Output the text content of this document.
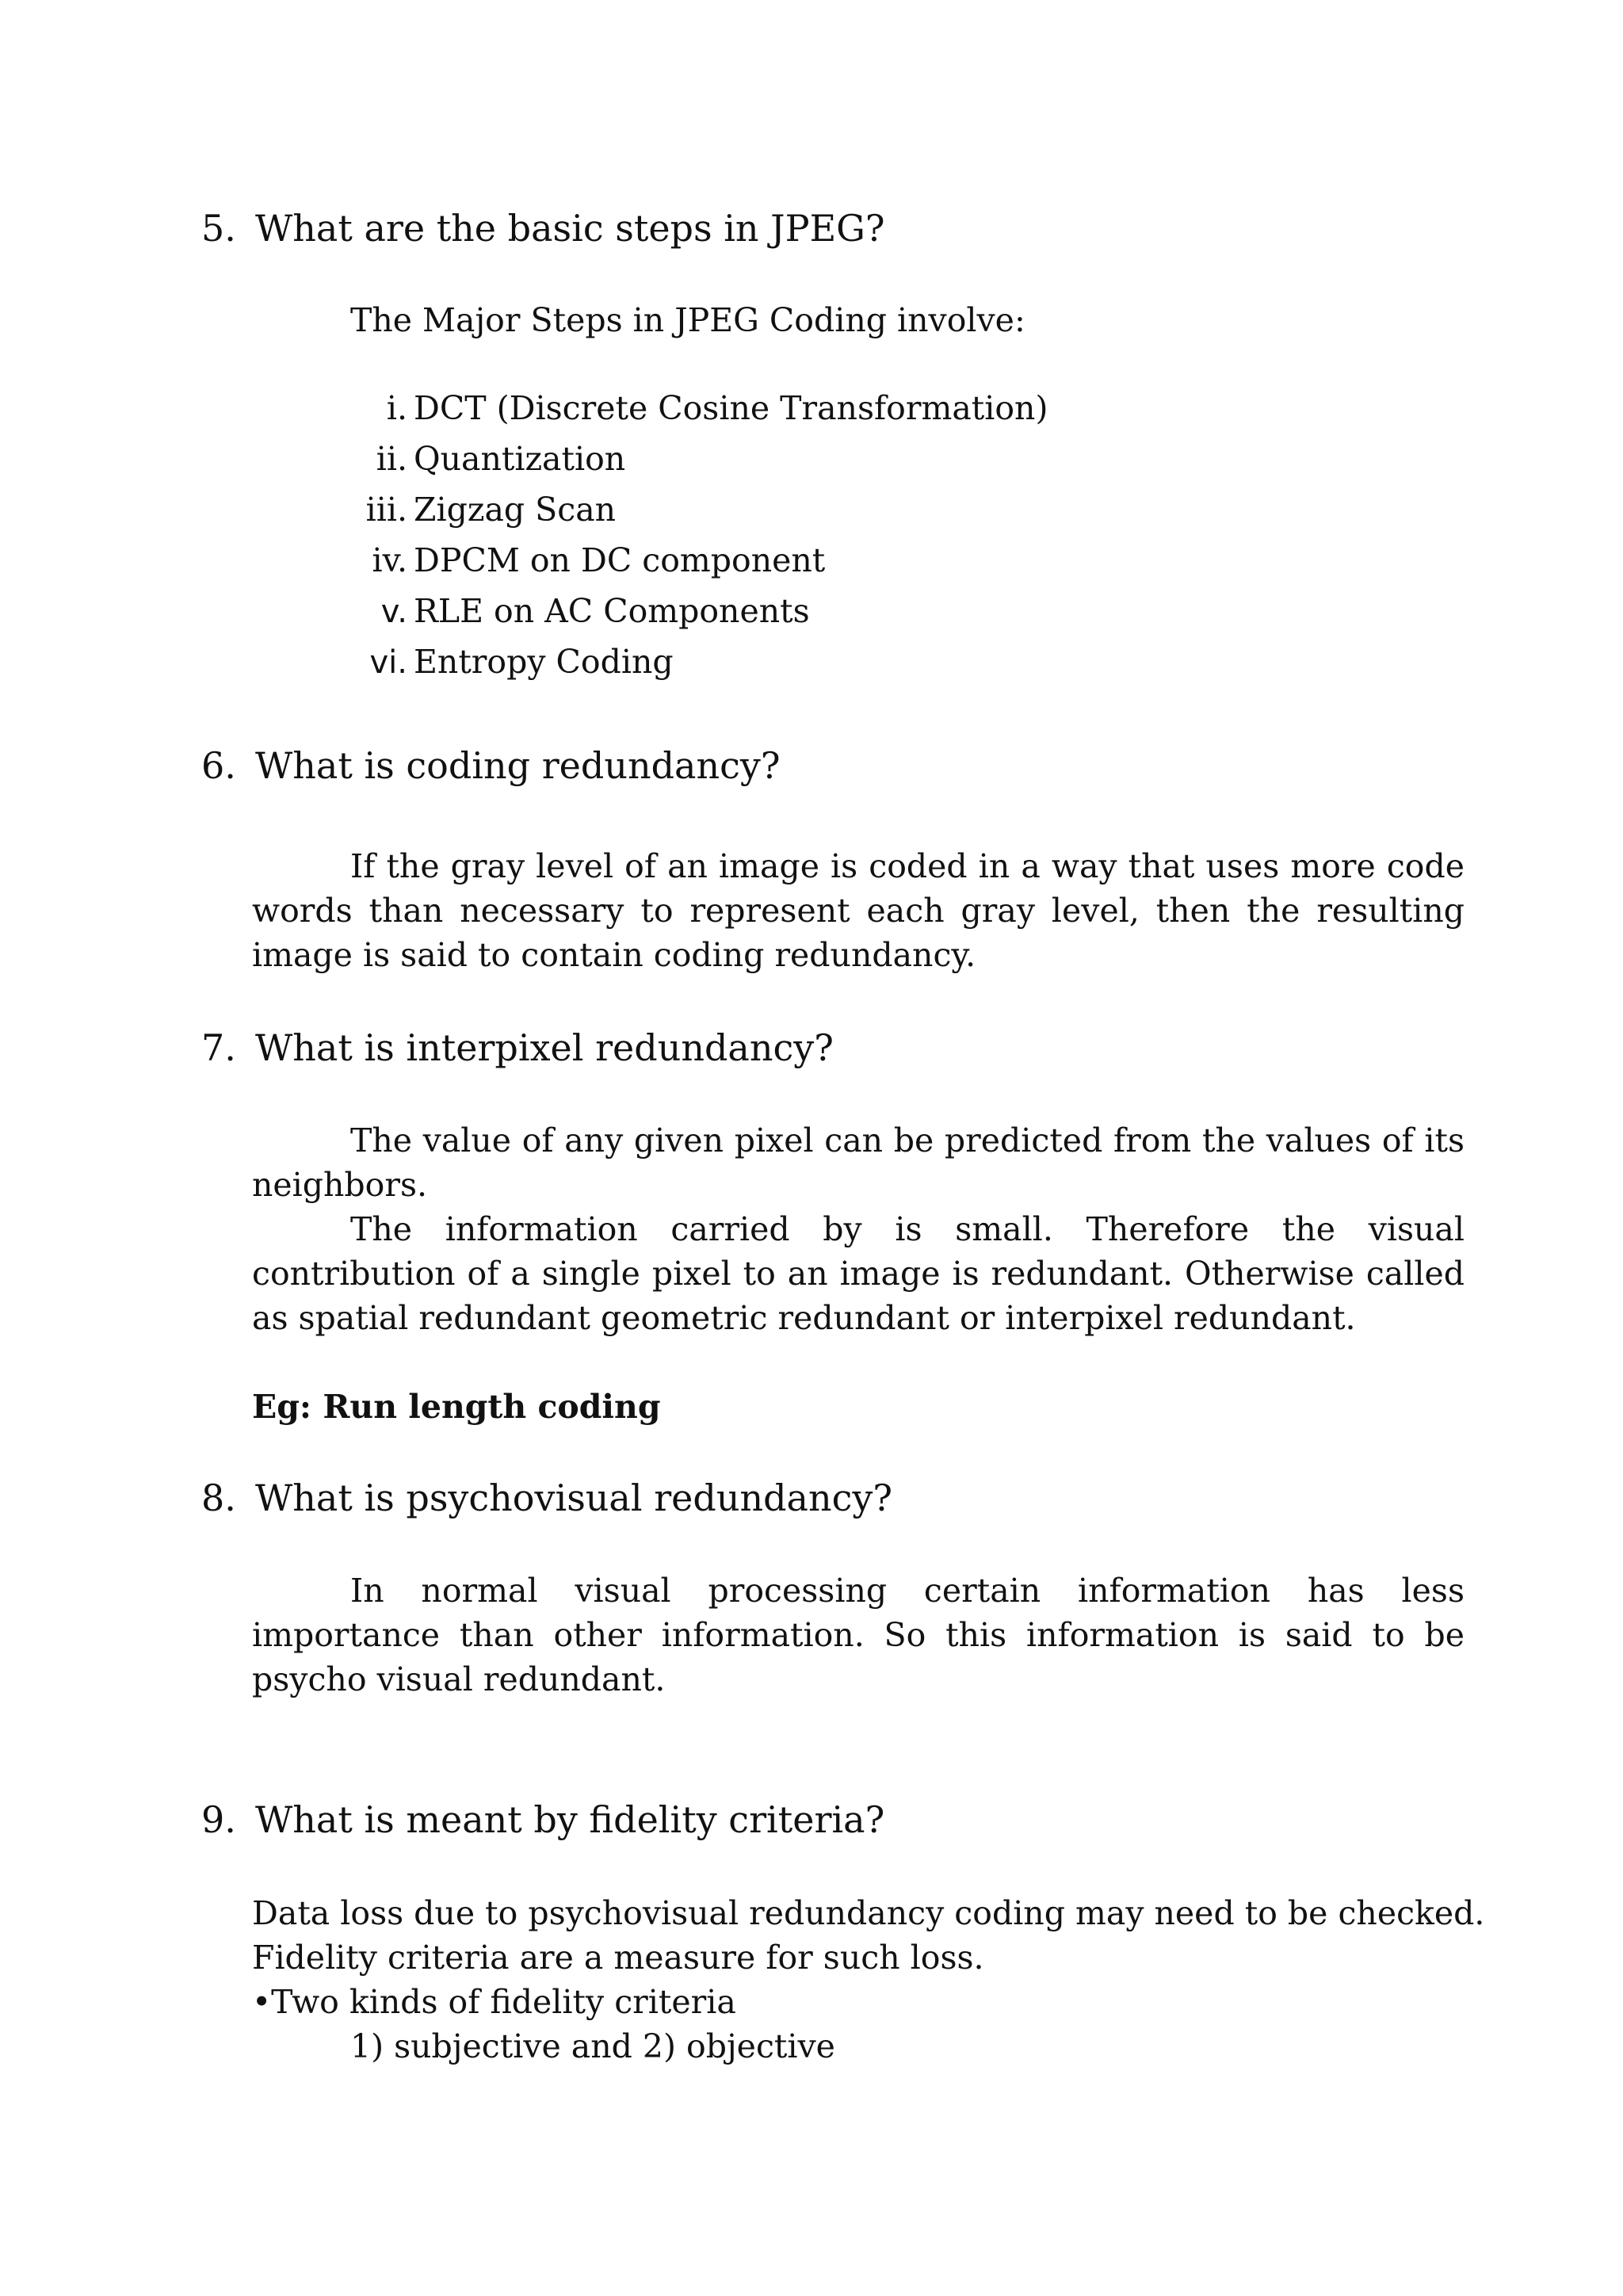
5. What are the basic steps in JPEG?
The Major Steps in JPEG Coding involve:
i. DCT (Discrete Cosine Transformation)
ii. Quantization
iii. Zigzag Scan
iv. DPCM on DC component
v. RLE on AC Components
vi. Entropy Coding
6. What is coding redundancy?
If the gray level of an image is coded in a way that uses more code words than necessary to represent each gray level, then the resulting image is said to contain coding redundancy.
7. What is interpixel redundancy?
The value of any given pixel can be predicted from the values of its neighbors.
The information carried by is small. Therefore the visual contribution of a single pixel to an image is redundant. Otherwise called as spatial redundant geometric redundant or interpixel redundant.
Eg: Run length coding
8. What is psychovisual redundancy?
In normal visual processing certain information has less importance than other information. So this information is said to be psycho visual redundant.
9. What is meant by fidelity criteria?
Data loss due to psychovisual redundancy coding may need to be checked.
Fidelity criteria are a measure for such loss.
•Two kinds of fidelity criteria
1) subjective and 2) objective
